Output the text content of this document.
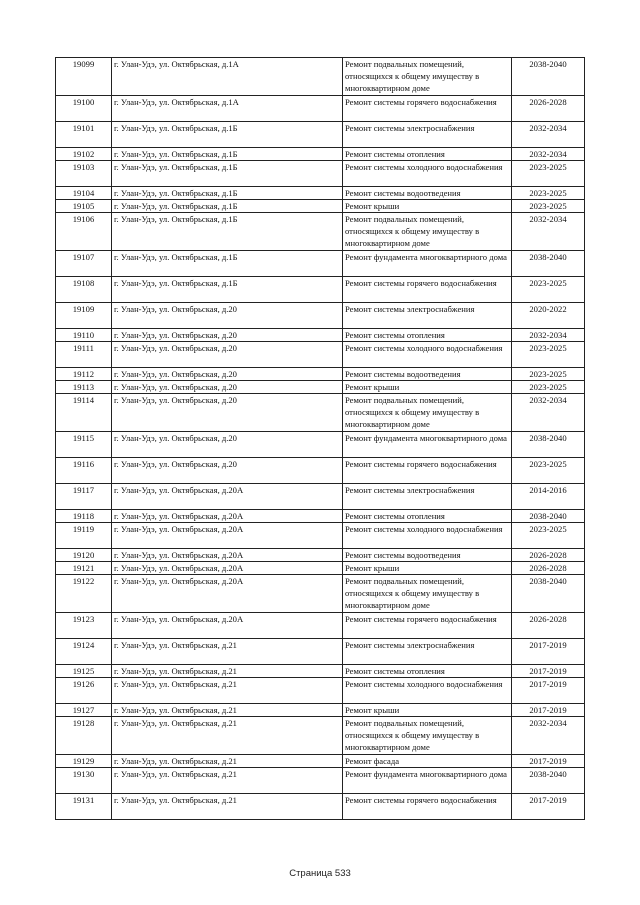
19099	г. Улан-Удэ, ул. Октябрьская, д.1А	Ремонт подвальных помещений, относящихся к общему имуществу в многоквартирном доме	2038-2040
19100	г. Улан-Удэ, ул. Октябрьская, д.1А	Ремонт системы горячего водоснабжения	2026-2028
19101	г. Улан-Удэ, ул. Октябрьская, д.1Б	Ремонт системы электроснабжения	2032-2034
19102	г. Улан-Удэ, ул. Октябрьская, д.1Б	Ремонт системы отопления	2032-2034
19103	г. Улан-Удэ, ул. Октябрьская, д.1Б	Ремонт системы холодного водоснабжения	2023-2025
19104	г. Улан-Удэ, ул. Октябрьская, д.1Б	Ремонт системы водоотведения	2023-2025
19105	г. Улан-Удэ, ул. Октябрьская, д.1Б	Ремонт крыши	2023-2025
19106	г. Улан-Удэ, ул. Октябрьская, д.1Б	Ремонт подвальных помещений, относящихся к общему имуществу в многоквартирном доме	2032-2034
19107	г. Улан-Удэ, ул. Октябрьская, д.1Б	Ремонт фундамента многоквартирного дома	2038-2040
19108	г. Улан-Удэ, ул. Октябрьская, д.1Б	Ремонт системы горячего водоснабжения	2023-2025
19109	г. Улан-Удэ, ул. Октябрьская, д.20	Ремонт системы электроснабжения	2020-2022
19110	г. Улан-Удэ, ул. Октябрьская, д.20	Ремонт системы отопления	2032-2034
19111	г. Улан-Удэ, ул. Октябрьская, д.20	Ремонт системы холодного водоснабжения	2023-2025
19112	г. Улан-Удэ, ул. Октябрьская, д.20	Ремонт системы водоотведения	2023-2025
19113	г. Улан-Удэ, ул. Октябрьская, д.20	Ремонт крыши	2023-2025
19114	г. Улан-Удэ, ул. Октябрьская, д.20	Ремонт подвальных помещений, относящихся к общему имуществу в многоквартирном доме	2032-2034
19115	г. Улан-Удэ, ул. Октябрьская, д.20	Ремонт фундамента многоквартирного дома	2038-2040
19116	г. Улан-Удэ, ул. Октябрьская, д.20	Ремонт системы горячего водоснабжения	2023-2025
19117	г. Улан-Удэ, ул. Октябрьская, д.20А	Ремонт системы электроснабжения	2014-2016
19118	г. Улан-Удэ, ул. Октябрьская, д.20А	Ремонт системы отопления	2038-2040
19119	г. Улан-Удэ, ул. Октябрьская, д.20А	Ремонт системы холодного водоснабжения	2023-2025
19120	г. Улан-Удэ, ул. Октябрьская, д.20А	Ремонт системы водоотведения	2026-2028
19121	г. Улан-Удэ, ул. Октябрьская, д.20А	Ремонт крыши	2026-2028
19122	г. Улан-Удэ, ул. Октябрьская, д.20А	Ремонт подвальных помещений, относящихся к общему имуществу в многоквартирном доме	2038-2040
19123	г. Улан-Удэ, ул. Октябрьская, д.20А	Ремонт системы горячего водоснабжения	2026-2028
19124	г. Улан-Удэ, ул. Октябрьская, д.21	Ремонт системы электроснабжения	2017-2019
19125	г. Улан-Удэ, ул. Октябрьская, д.21	Ремонт системы отопления	2017-2019
19126	г. Улан-Удэ, ул. Октябрьская, д.21	Ремонт системы холодного водоснабжения	2017-2019
19127	г. Улан-Удэ, ул. Октябрьская, д.21	Ремонт крыши	2017-2019
19128	г. Улан-Удэ, ул. Октябрьская, д.21	Ремонт подвальных помещений, относящихся к общему имуществу в многоквартирном доме	2032-2034
19129	г. Улан-Удэ, ул. Октябрьская, д.21	Ремонт фасада	2017-2019
19130	г. Улан-Удэ, ул. Октябрьская, д.21	Ремонт фундамента многоквартирного дома	2038-2040
19131	г. Улан-Удэ, ул. Октябрьская, д.21	Ремонт системы горячего водоснабжения	2017-2019
Страница 533
